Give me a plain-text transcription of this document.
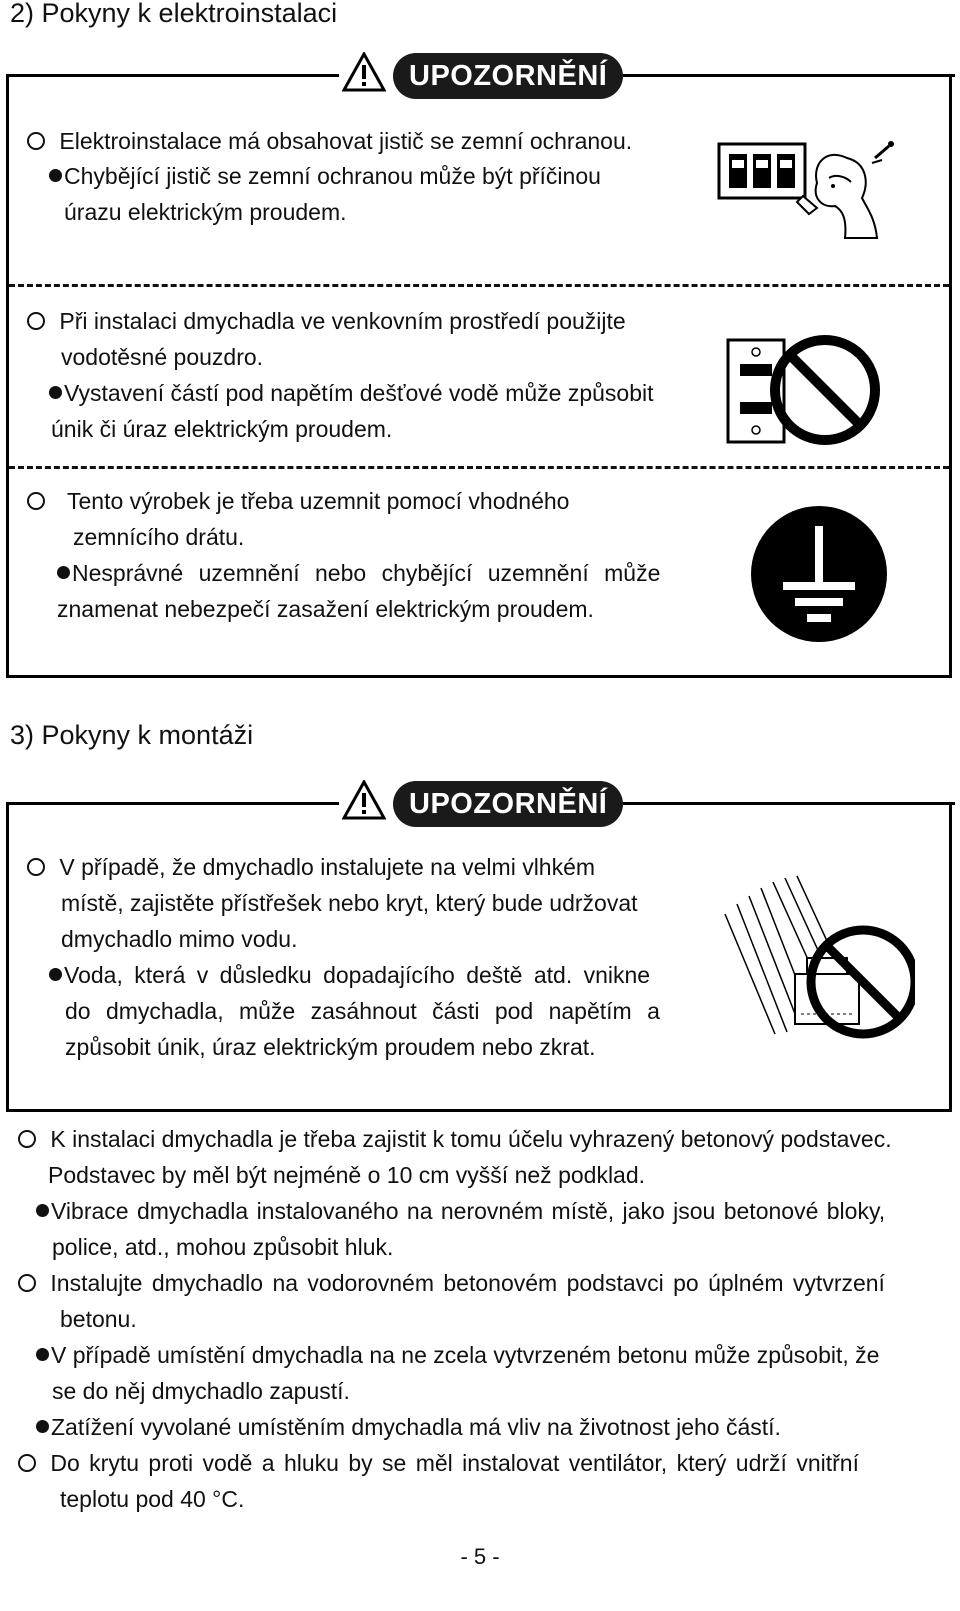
2) Pokyny k elektroinstalaci
UPOZORNĚNÍ
Elektroinstalace má obsahovat jistič se zemní ochranou.
Chybějící jistič se zemní ochranou může být příčinou
úrazu elektrickým proudem.
Při instalaci dmychadla ve venkovním prostředí použijte
vodotěsné pouzdro.
Vystavení částí pod napětím dešťové vodě může způsobit
únik či úraz elektrickým proudem.
Tento výrobek je třeba uzemnit pomocí vhodného
zemnícího drátu.
Nesprávné uzemnění nebo chybějící uzemnění může
znamenat nebezpečí zasažení elektrickým proudem.
3) Pokyny k montáži
UPOZORNĚNÍ
V případě, že dmychadlo instalujete na velmi vlhkém
místě, zajistěte přístřešek nebo kryt, který bude udržovat
dmychadlo mimo vodu.
Voda, která v důsledku dopadajícího deště atd. vnikne
do dmychadla, může zasáhnout části pod napětím a
způsobit únik, úraz elektrickým proudem nebo zkrat.
K instalaci dmychadla je třeba zajistit k tomu účelu vyhrazený betonový podstavec.
Podstavec by měl být nejméně o 10 cm vyšší než podklad.
Vibrace dmychadla instalovaného na nerovném místě, jako jsou betonové bloky,
police, atd., mohou způsobit hluk.
Instalujte dmychadlo na vodorovném betonovém podstavci po úplném vytvrzení
betonu.
V případě umístění dmychadla na ne zcela vytvrzeném betonu může způsobit, že
se do něj dmychadlo zapustí.
Zatížení vyvolané umístěním dmychadla má vliv na životnost jeho částí.
Do krytu proti vodě a hluku by se měl instalovat ventilátor, který udrží vnitřní
teplotu pod 40 °C.
- 5 -
